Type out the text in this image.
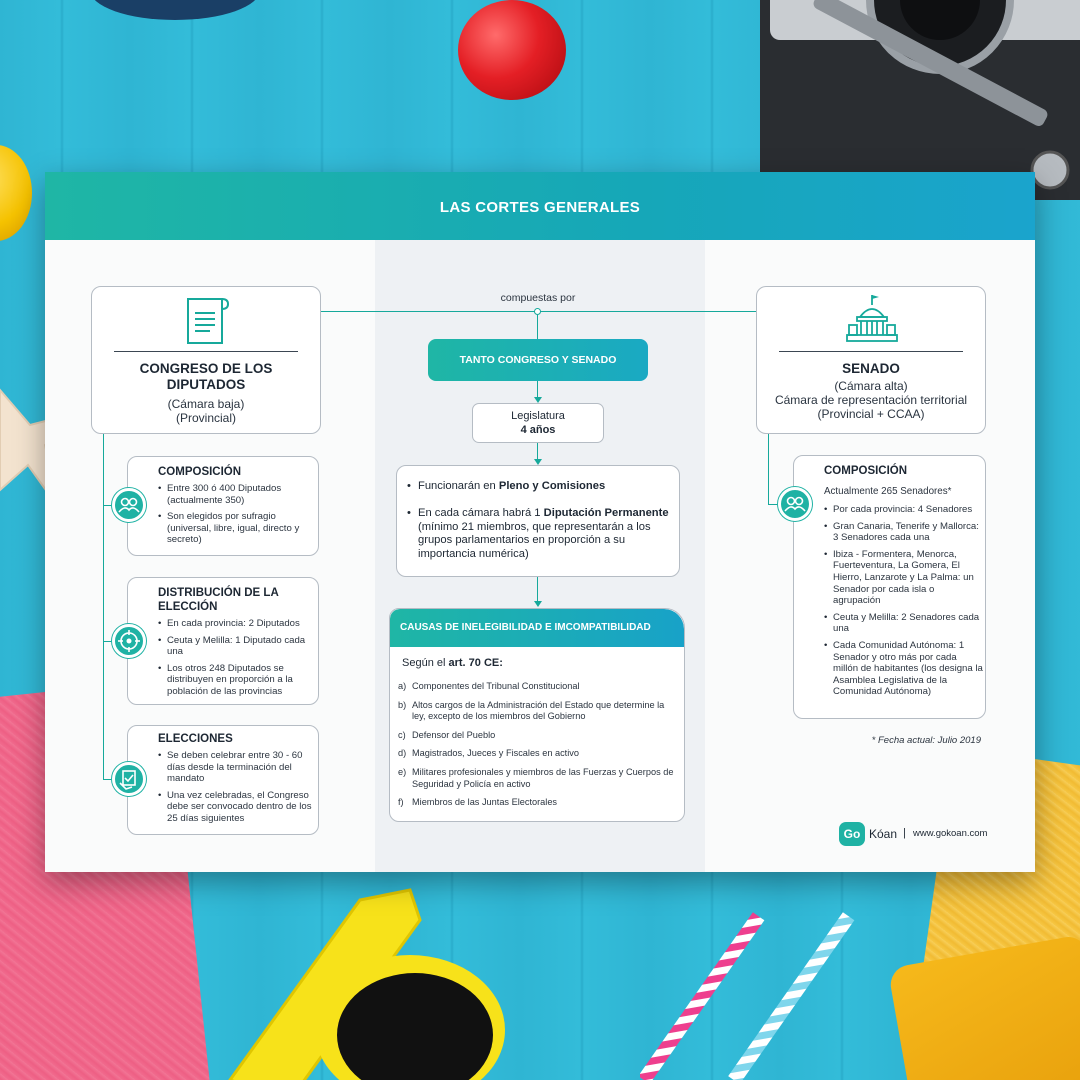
LAS CORTES GENERALES
compuestas por
CONGRESO DE LOS
DIPUTADOS
(Cámara baja)
(Provincial)
COMPOSICIÓN
• Entre 300 ó 400 Diputados (actualmente 350)
• Son elegidos por sufragio (universal, libre, igual, directo y secreto)
DISTRIBUCIÓN DE LA ELECCIÓN
• En cada provincia: 2 Diputados
• Ceuta y Melilla: 1 Diputado cada una
• Los otros 248 Diputados se distribuyen en proporción a la población de las provincias
ELECCIONES
• Se deben celebrar entre 30 - 60 días desde la terminación del mandato
• Una vez celebradas, el Congreso debe ser convocado dentro de los 25 días siguientes
TANTO CONGRESO Y SENADO
Legislatura
4 años
• Funcionarán en Pleno y Comisiones
• En cada cámara habrá 1 Diputación Permanente (mínimo 21 miembros, que representarán a los grupos parlamentarios en proporción a su importancia numérica)
CAUSAS DE INELEGIBILIDAD E IMCOMPATIBILIDAD
Según el art. 70 CE:
a) Componentes del Tribunal Constitucional
b) Altos cargos de la Administración del Estado que determine la ley, excepto de los miembros del Gobierno
c) Defensor del Pueblo
d) Magistrados, Jueces y Fiscales en activo
e) Militares profesionales y miembros de las Fuerzas y Cuerpos de Seguridad y Policía en activo
f) Miembros de las Juntas Electorales
SENADO
(Cámara alta)
Cámara de representación territorial
(Provincial + CCAA)
COMPOSICIÓN
Actualmente 265 Senadores*
• Por cada provincia: 4 Senadores
• Gran Canaria, Tenerife y Mallorca: 3 Senadores cada una
• Ibiza - Formentera, Menorca, Fuerteventura, La Gomera, El Hierro, Lanzarote y La Palma: un Senador por cada isla o agrupación
• Ceuta y Melilla: 2 Senadores cada una
• Cada Comunidad Autónoma: 1 Senador y otro más por cada millón de habitantes (los designa la Asamblea Legislativa de la Comunidad Autónoma)
* Fecha actual: Julio 2019
Go Kóan | www.gokoan.com
